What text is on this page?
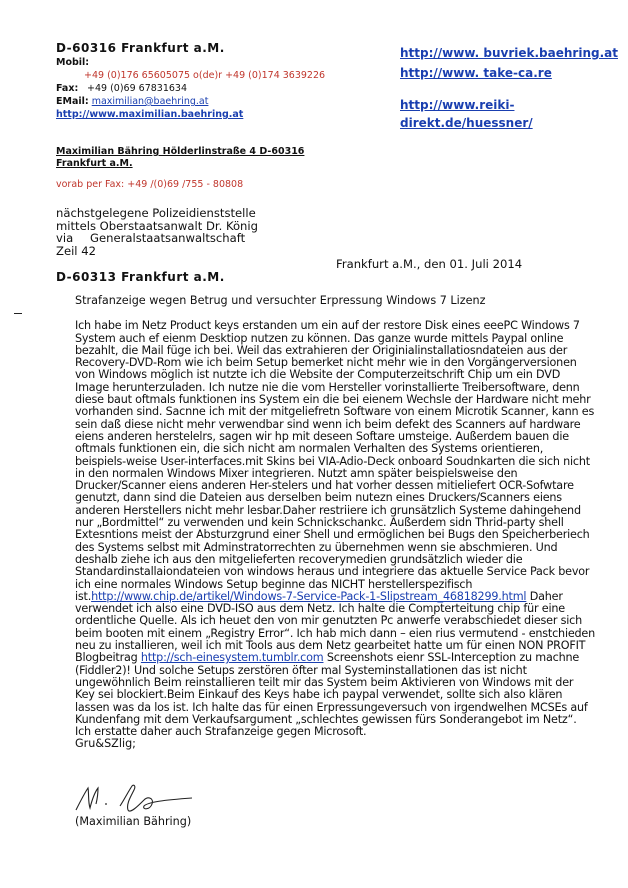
D-60316 Frankfurt a.M.
Mobil:
+49 (0)176 65605075 o(de)r +49 (0)174 3639226
Fax: +49 (0)69 67831634
EMail: maximilian@baehring.at
http://www.maximilian.baehring.at
http://www. buvriek.baehring.at
http://www. take-ca.re
http://www.reiki-
direkt.de/huessner/
Maximilian Bähring Hölderlinstraße 4 D-60316
Frankfurt a.M.
vorab per Fax: +49 /(0)69 /755 - 80808
nächstgelegene Polizeidienststelle
mittels Oberstaatsanwalt Dr. König
via Generalstaatsanwaltschaft
Zeil 42
Frankfurt a.M., den 01. Juli 2014
D-60313 Frankfurt a.M.
Strafanzeige wegen Betrug und versuchter Erpressung Windows 7 Lizenz
Ich habe im Netz Product keys erstanden um ein auf der restore Disk eines eeePC Windows 7 System auch ef eienm Desktiop nutzen zu können. Das ganze wurde mittels Paypal online bezahlt, die Mail füge ich bei. Weil das extrahieren der Originialinstallatiosndateien aus der Recovery-DVD-Rom wie ich beim Setup bemerket nicht mehr wie in den Vorgängerversionen von Windows möglich ist nutzte ich die Website der Computerzeitschrift Chip um ein DVD Image herunterzuladen. Ich nutze nie die vom Hersteller vorinstallierte Treibersoftware, denn diese baut oftmals funktionen ins System ein die bei eienem Wechsle der Hardware nicht mehr vorhanden sind. Sacnne ich mit der mitgeliefretn Software von einem Microtik Scanner, kann es sein daß diese nicht mehr verwendbar sind wenn ich beim defekt des Scanners auf hardware eiens anderen herstelelrs, sagen wir hp mit deseen Softare umsteige. Außerdem bauen die oftmals funktionen ein, die sich nicht am normalen Verhalten des Systems orientieren, beispiels-weise User-interfaces.mit Skins bei VIA-Adio-Deck onboard Soudnkarten die sich nicht in den normalen Windows Mixer integrieren. Nutzt amn später beispielsweise den Drucker/Scanner eiens anderen Her-stelers und hat vorher dessen mitieliefert OCR-Sofwtare genutzt, dann sind die Dateien aus derselben beim nutezn eines Druckers/Scanners eiens anderen Herstellers nicht mehr lesbar.Daher restriiere ich grunsätzlich Systeme dahingehend nur „Bordmittel“ zu verwenden und kein Schnickschankc. Außerdem sidn Thrid-party shell Extesntions meist der Absturzgrund einer Shell und ermöglichen bei Bugs den Speicherberiech des Systems selbst mit Adminstratorrechten zu übernehmen wenn sie abschmieren. Und deshalb ziehe ich aus den mitgelieferten recoverymedien grundsätzlich wieder die Standardinstallaiondateien von windows heraus und integriere das aktuelle Service Pack bevor ich eine normales Windows Setup beginne das NICHT herstellerspezifisch ist.http://www.chip.de/artikel/Windows-7-Service-Pack-1-Slipstream_46818299.html Daher verwendet ich also eine DVD-ISO aus dem Netz. Ich halte die Compterteitung chip für eine ordentliche Quelle. Als ich heuet den von mir genutzten Pc anwerfe verabschiedet dieser sich beim booten mit einem „Registry Error“. Ich hab mich dann – eien rius vermutend - enstchieden neu zu installieren, weil ich mit Tools aus dem Netz gearbeitet hatte um für einen NON PROFIT Blogbeitrag http://sch-einesystem.tumblr.com Screenshots eienr SSL-Interception zu machne (Fiddler2)! Und solche Setups zerstören öfter mal Systeminstallationen das ist nicht ungewöhnlich Beim reinstallieren teilt mir das System beim Aktivieren von Windows mit der Key sei blockiert.Beim Einkauf des Keys habe ich paypal verwendet, sollte sich also klären lassen was da los ist. Ich halte das für einen Erpressungeversuch von irgendwelhen MCSEs auf Kundenfang mit dem Verkaufsargument „schlechtes gewissen fürs Sonderangebot im Netz“. Ich erstatte daher auch Strafanzeige gegen Microsoft.
Gru&SZlig;
(Maximilian Bähring)
